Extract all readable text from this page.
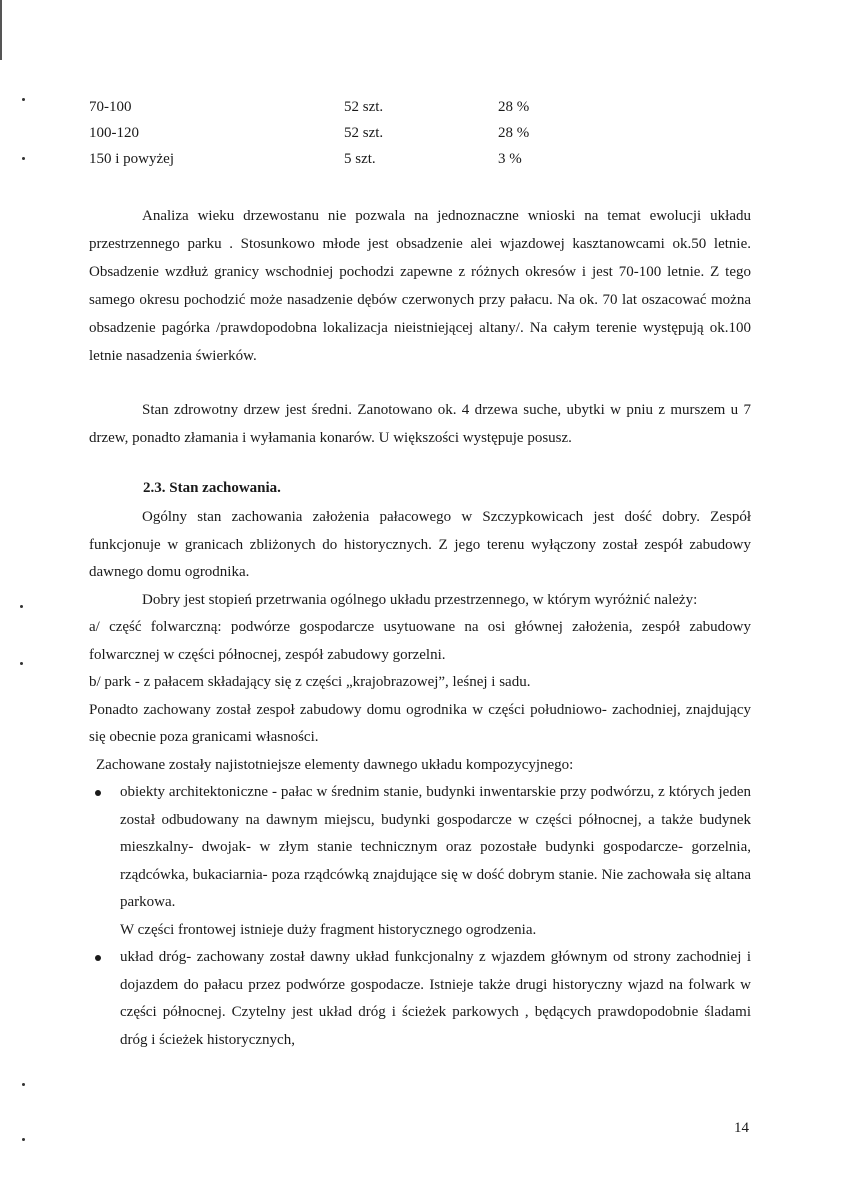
70-100	52 szt.	28 %
100-120	52 szt.	28 %
150 i powyżej	5 szt.	3 %

Analiza wieku drzewostanu nie pozwala na jednoznaczne wnioski na temat ewolucji układu przestrzennego parku . Stosunkowo młode jest obsadzenie alei wjazdowej kasztanowcami ok.50 letnie. Obsadzenie wzdłuż granicy wschodniej pochodzi zapewne z różnych okresów i jest 70-100 letnie. Z tego samego okresu pochodzić może nasadzenie dębów czerwonych przy pałacu. Na ok. 70 lat oszacować można obsadzenie pagórka /prawdopodobna lokalizacja nieistniejącej altany/. Na całym terenie występują ok.100 letnie nasadzenia świerków.

Stan zdrowotny drzew jest średni. Zanotowano ok. 4 drzewa suche, ubytki w pniu z murszem u 7 drzew, ponadto złamania i wyłamania konarów. U większości występuje posusz.

2.3. Stan zachowania.

Ogólny stan zachowania założenia pałacowego w Szczypkowicach jest dość dobry. Zespół funkcjonuje w granicach zbliżonych do historycznych. Z jego terenu wyłączony został zespół zabudowy dawnego domu ogrodnika.

Dobry jest stopień przetrwania ogólnego układu przestrzennego, w którym wyróżnić należy:

a/ część folwarczną: podwórze gospodarcze usytuowane na osi głównej założenia, zespół zabudowy folwarcznej w części północnej, zespół zabudowy gorzelni.

b/ park - z pałacem składający się z części „krajobrazowej”, leśnej i sadu.

Ponadto zachowany został zespoł zabudowy domu ogrodnika w części południowo- zachodniej, znajdujący się obecnie poza granicami własności.

Zachowane zostały najistotniejsze elementy dawnego układu kompozycyjnego:

obiekty architektoniczne - pałac w średnim stanie, budynki inwentarskie przy podwórzu, z których jeden został odbudowany na dawnym miejscu, budynki gospodarcze w części północnej, a także budynek mieszkalny- dwojak- w złym stanie technicznym oraz pozostałe budynki gospodarcze- gorzelnia, rządcówka, bukaciarnia- poza rządcówką znajdujące się w dość dobrym stanie. Nie zachowała się altana parkowa.

W części frontowej istnieje duży fragment historycznego ogrodzenia.

układ dróg- zachowany został dawny układ funkcjonalny z wjazdem głównym od strony zachodniej i dojazdem do pałacu przez podwórze gospodacze. Istnieje także drugi historyczny wjazd na folwark w części północnej. Czytelny jest układ dróg i ścieżek parkowych , będących prawdopodobnie śladami dróg i ścieżek historycznych,
14
